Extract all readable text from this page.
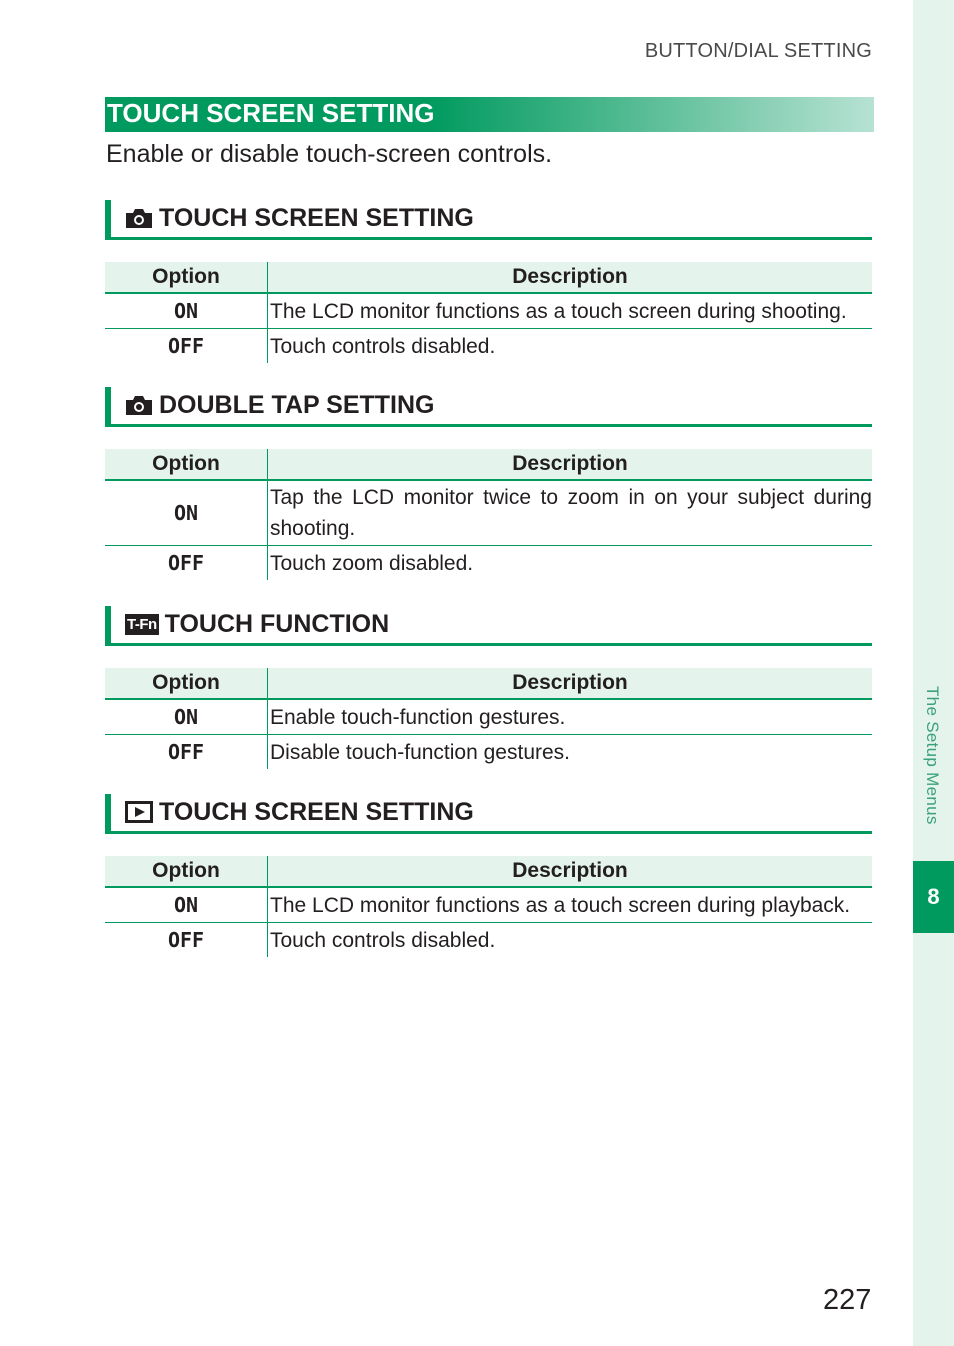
The Setup Menus
8
BUTTON/DIAL SETTING
TOUCH SCREEN SETTING
Enable or disable touch-screen controls.
TOUCH SCREEN SETTING
Option	Description
ON	The LCD monitor functions as a touch screen during shooting.
OFF	Touch controls disabled.
DOUBLE TAP SETTING
Option	Description
ON	Tap the LCD monitor twice to zoom in on your subject during shooting.
OFF	Touch zoom disabled.
T-Fn TOUCH FUNCTION
Option	Description
ON	Enable touch-function gestures.
OFF	Disable touch-function gestures.
TOUCH SCREEN SETTING
Option	Description
ON	The LCD monitor functions as a touch screen during playback.
OFF	Touch controls disabled.
227
